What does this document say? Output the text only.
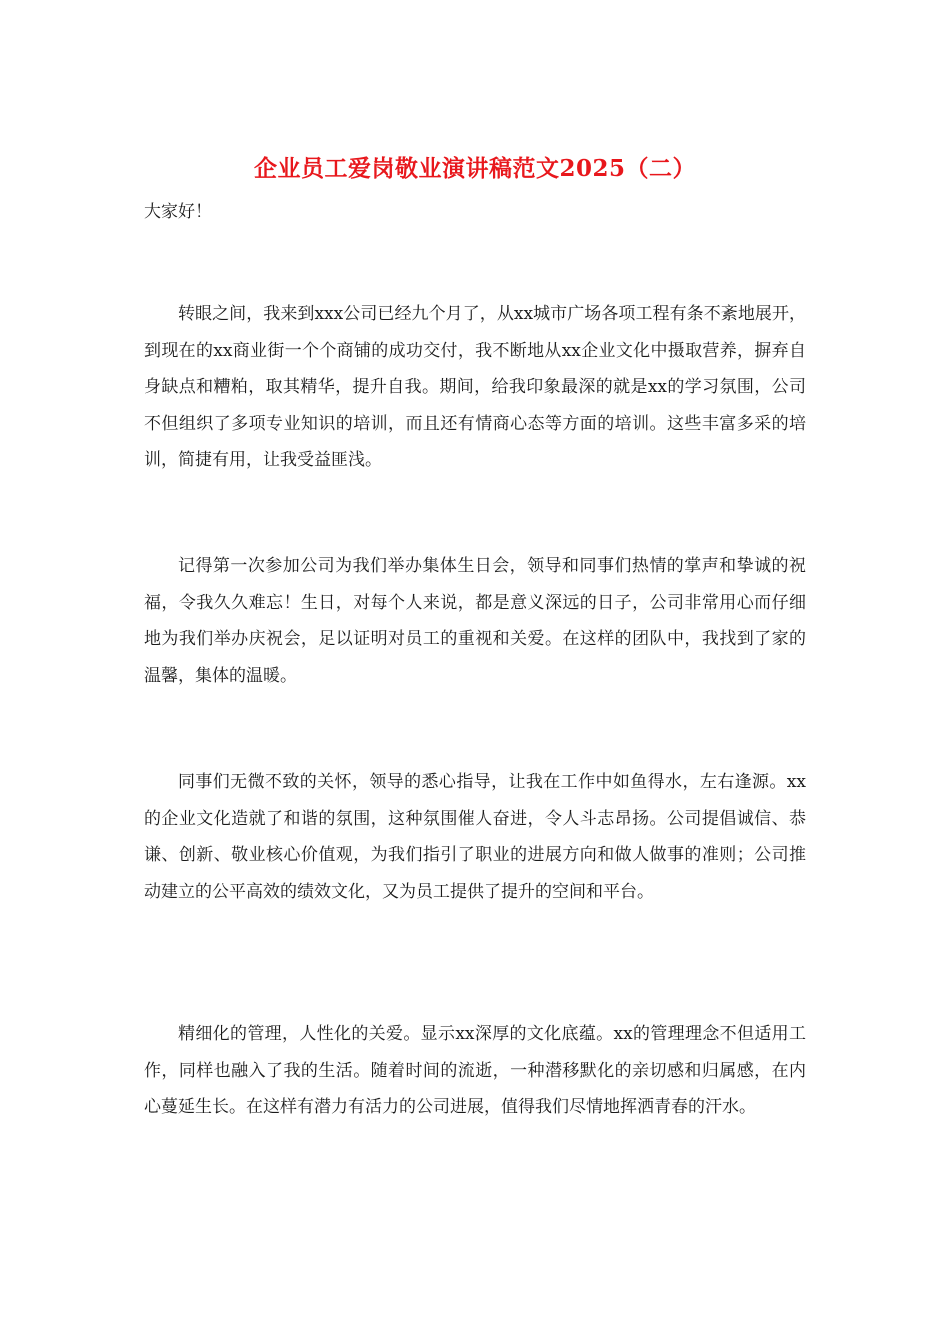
企业员工爱岗敬业演讲稿范文2025（二）

大家好！

转眼之间，我来到xxx公司已经九个月了，从xx城市广场各项工程有条不紊地展开，到现在的xx商业街一个个商铺的成功交付，我不断地从xx企业文化中摄取营养，摒弃自身缺点和糟粕，取其精华，提升自我。期间，给我印象最深的就是xx的学习氛围，公司不但组织了多项专业知识的培训，而且还有情商心态等方面的培训。这些丰富多采的培训，简捷有用，让我受益匪浅。

记得第一次参加公司为我们举办集体生日会，领导和同事们热情的掌声和挚诚的祝福，令我久久难忘！生日，对每个人来说，都是意义深远的日子，公司非常用心而仔细地为我们举办庆祝会，足以证明对员工的重视和关爱。在这样的团队中，我找到了家的温馨，集体的温暖。

同事们无微不致的关怀，领导的悉心指导，让我在工作中如鱼得水，左右逢源。xx的企业文化造就了和谐的氛围，这种氛围催人奋进，令人斗志昂扬。公司提倡诚信、恭谦、创新、敬业核心价值观，为我们指引了职业的进展方向和做人做事的准则；公司推动建立的公平高效的绩效文化，又为员工提供了提升的空间和平台。

精细化的管理，人性化的关爱。显示xx深厚的文化底蕴。xx的管理理念不但适用工作，同样也融入了我的生活。随着时间的流逝，一种潜移默化的亲切感和归属感，在内心蔓延生长。在这样有潜力有活力的公司进展，值得我们尽情地挥洒青春的汗水。
